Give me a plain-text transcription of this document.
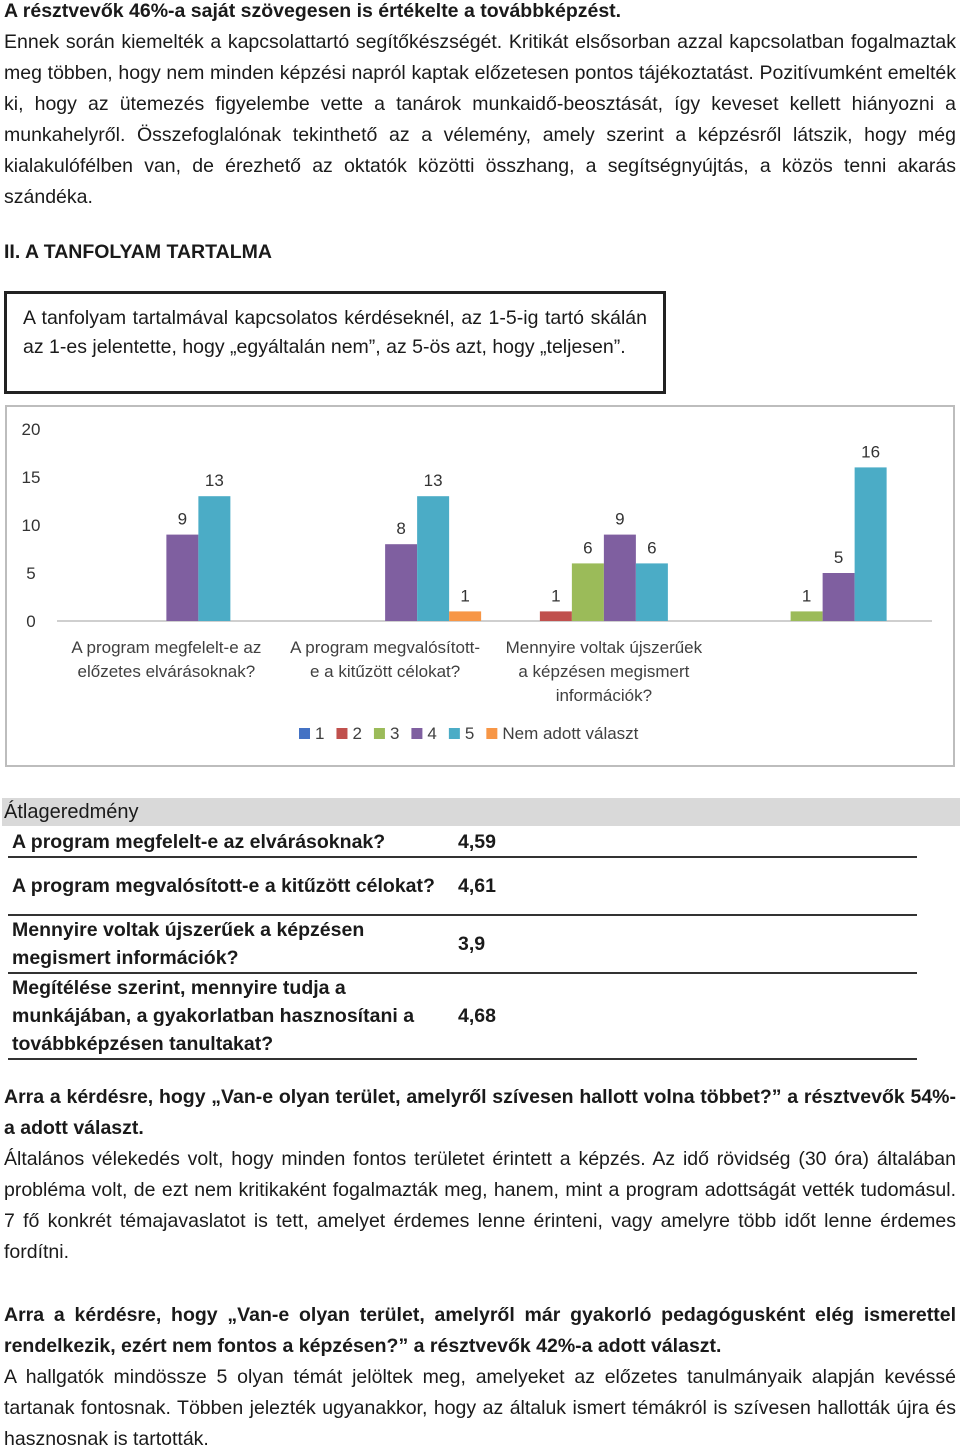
A résztvevők 46%-a saját szövegesen is értékelte a továbbképzést.
Ennek során kiemelték a kapcsolattartó segítőkészségét. Kritikát elsősorban azzal kapcsolatban fogalmaztak meg többen, hogy nem minden képzési napról kaptak előzetesen pontos tájékoztatást. Pozitívumként emelték ki, hogy az ütemezés figyelembe vette a tanárok munkaidő-beosztását, így keveset kellett hiányozni a munkahelyről. Összefoglalónak tekinthető az a vélemény, amely szerint a képzésről látszik, hogy még kialakulófélben van, de érezhető az oktatók közötti összhang, a segítségnyújtás, a közös tenni akarás szándéka.
II. A TANFOLYAM TARTALMA

A tanfolyam tartalmával kapcsolatos kérdéseknél, az 1-5-ig tartó skálán az 1-es jelentette, hogy „egyáltalán nem”, az 5-ös azt, hogy „teljesen”.

0
5
10
15
20
9
13
A program megfelelt-e az
előzetes elvárásoknak?
8
13
1
A program megvalósított-
e a kitűzött célokat?
1
6
9
6
Mennyire voltak újszerűek
a képzésen megismert
információk?
1
5
16
1 2 3 4 5 Nem adott választ
Átlageredmény
A program megfelelt-e az elvárásoknak?	4,59
A program megvalósított-e a kitűzött célokat?	4,61
Mennyire voltak újszerűek a képzésen megismert információk?	3,9
Megítélése szerint, mennyire tudja a munkájában, a gyakorlatban hasznosítani a továbbképzésen tanultakat?	4,68
Arra a kérdésre, hogy „Van-e olyan terület, amelyről szívesen hallott volna többet?” a résztvevők 54%-a adott választ.
Általános vélekedés volt, hogy minden fontos területet érintett a képzés. Az idő rövidség (30 óra) általában probléma volt, de ezt nem kritikaként fogalmazták meg, hanem, mint a program adottságát vették tudomásul. 7 fő konkrét témajavaslatot is tett, amelyet érdemes lenne érinteni, vagy amelyre több időt lenne érdemes fordítni.
Arra a kérdésre, hogy „Van-e olyan terület, amelyről már gyakorló pedagógusként elég ismerettel rendelkezik, ezért nem fontos a képzésen?” a résztvevők 42%-a adott választ.
A hallgatók mindössze 5 olyan témát jelöltek meg, amelyeket az előzetes tanulmányaik alapján kevéssé tartanak fontosnak. Többen jelezték ugyanakkor, hogy az általuk ismert témákról is szívesen hallották újra és hasznosnak is tartották.
